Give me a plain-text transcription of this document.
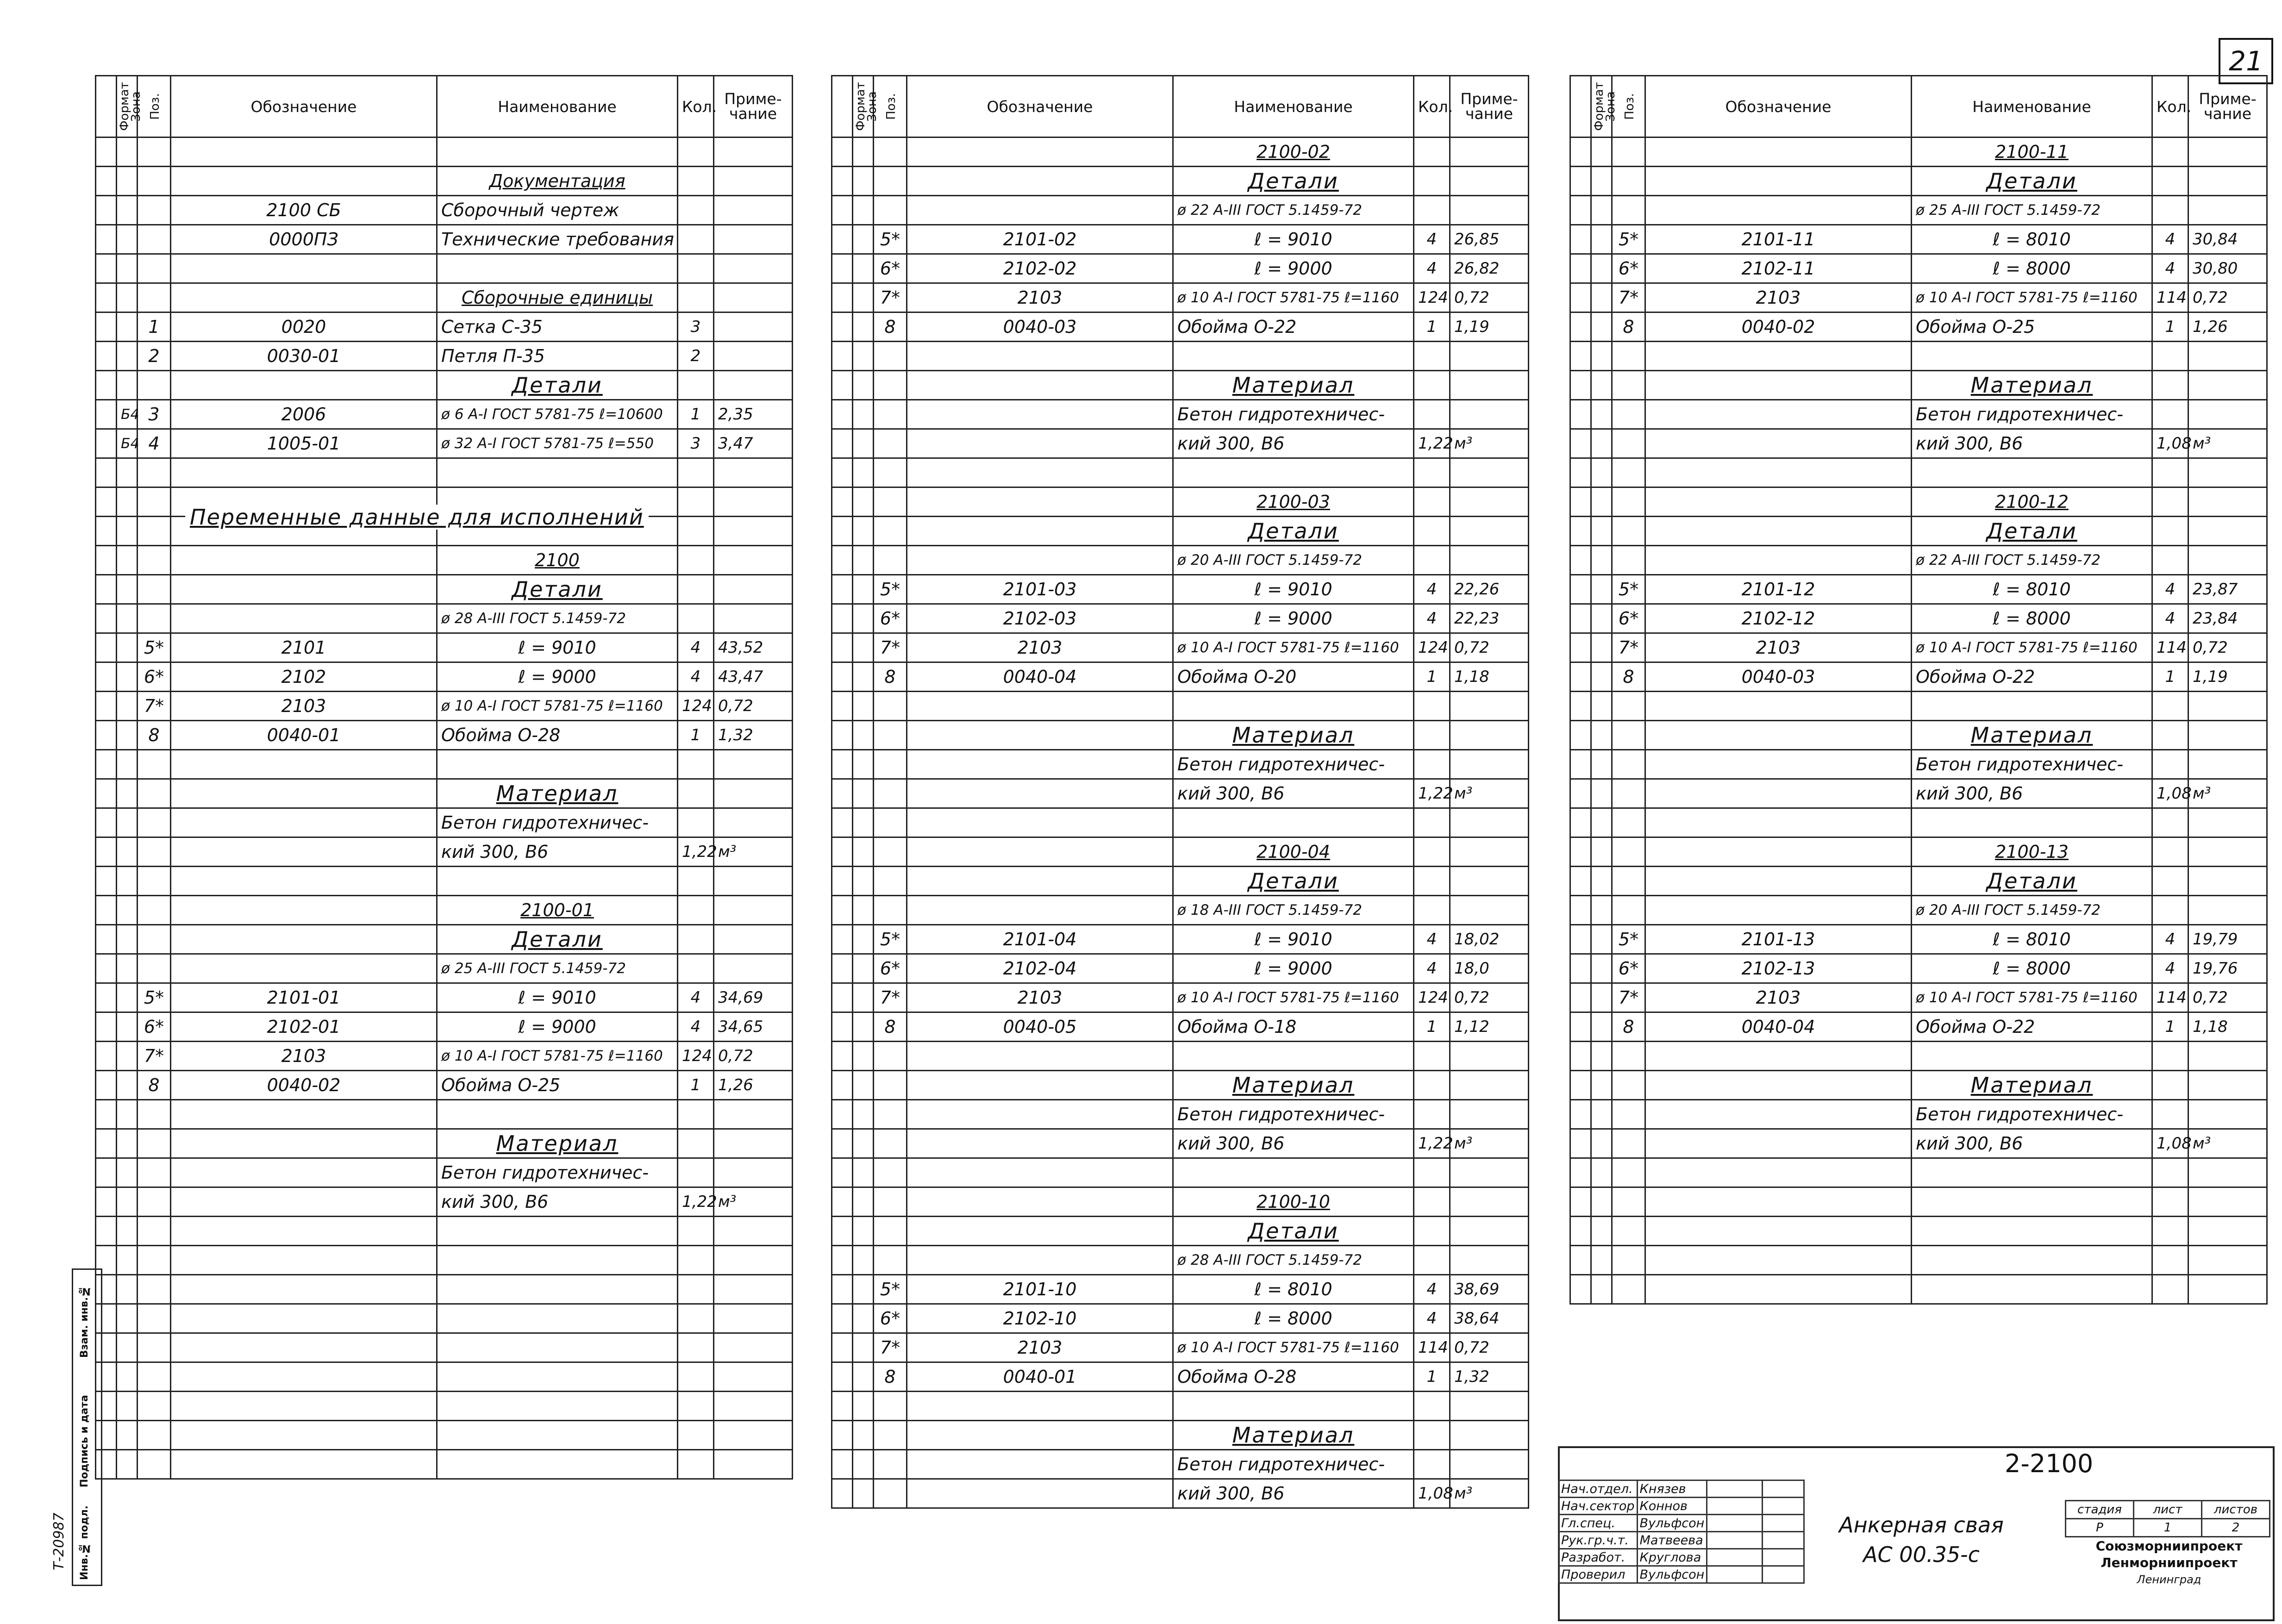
21
Формат	Зона	Поз.	Обозначение	Наименование	Кол.	Приме-
чание

				Документация		
			2100 СБ	Сборочный чертеж		
			0000ПЗ	Технические требования		

				Сборочные единицы		
		1	0020	Сетка С-35	3	
		2	0030-01	Петля П-35	2	
				Детали		
	Б4	3	2006	ø 6 А-I ГОСТ 5781-75 ℓ=10600	1	2,35
	Б4	4	1005-01	ø 32 А-I ГОСТ 5781-75 ℓ=550	3	3,47

				2100		
				Детали		
				ø 28 А-III ГОСТ 5.1459-72		
		5*	2101	ℓ = 9010	4	43,52
		6*	2102	ℓ = 9000	4	43,47
		7*	2103	ø 10 А-I ГОСТ 5781-75 ℓ=1160	124	0,72
		8	0040-01	Обойма О-28	1	1,32

				Материал		
				Бетон гидротехничес-		
				кий 300, В6	1,22	м³

				2100-01		
				Детали		
				ø 25 А-III ГОСТ 5.1459-72		
		5*	2101-01	ℓ = 9010	4	34,69
		6*	2102-01	ℓ = 9000	4	34,65
		7*	2103	ø 10 А-I ГОСТ 5781-75 ℓ=1160	124	0,72
		8	0040-02	Обойма О-25	1	1,26

				Материал		
				Бетон гидротехничес-		
				кий 300, В6	1,22	м³

Формат	Зона	Поз.	Обозначение	Наименование	Кол.	Приме-
чание
				2100-02		
				Детали		
				ø 22 А-III ГОСТ 5.1459-72		
		5*	2101-02	ℓ = 9010	4	26,85
		6*	2102-02	ℓ = 9000	4	26,82
		7*	2103	ø 10 А-I ГОСТ 5781-75 ℓ=1160	124	0,72
		8	0040-03	Обойма О-22	1	1,19

				Материал		
				Бетон гидротехничес-		
				кий 300, В6	1,22	м³

				2100-03		
				Детали		
				ø 20 А-III ГОСТ 5.1459-72		
		5*	2101-03	ℓ = 9010	4	22,26
		6*	2102-03	ℓ = 9000	4	22,23
		7*	2103	ø 10 А-I ГОСТ 5781-75 ℓ=1160	124	0,72
		8	0040-04	Обойма О-20	1	1,18

				Материал		
				Бетон гидротехничес-		
				кий 300, В6	1,22	м³

				2100-04		
				Детали		
				ø 18 А-III ГОСТ 5.1459-72		
		5*	2101-04	ℓ = 9010	4	18,02
		6*	2102-04	ℓ = 9000	4	18,0
		7*	2103	ø 10 А-I ГОСТ 5781-75 ℓ=1160	124	0,72
		8	0040-05	Обойма О-18	1	1,12

				Материал		
				Бетон гидротехничес-		
				кий 300, В6	1,22	м³

				2100-10		
				Детали		
				ø 28 А-III ГОСТ 5.1459-72		
		5*	2101-10	ℓ = 8010	4	38,69
		6*	2102-10	ℓ = 8000	4	38,64
		7*	2103	ø 10 А-I ГОСТ 5781-75 ℓ=1160	114	0,72
		8	0040-01	Обойма О-28	1	1,32

				Материал		
				Бетон гидротехничес-		
				кий 300, В6	1,08	м³
Формат	Зона	Поз.	Обозначение	Наименование	Кол.	Приме-
чание
				2100-11		
				Детали		
				ø 25 А-III ГОСТ 5.1459-72		
		5*	2101-11	ℓ = 8010	4	30,84
		6*	2102-11	ℓ = 8000	4	30,80
		7*	2103	ø 10 А-I ГОСТ 5781-75 ℓ=1160	114	0,72
		8	0040-02	Обойма О-25	1	1,26

				Материал		
				Бетон гидротехничес-		
				кий 300, В6	1,08	м³

				2100-12		
				Детали		
				ø 22 А-III ГОСТ 5.1459-72		
		5*	2101-12	ℓ = 8010	4	23,87
		6*	2102-12	ℓ = 8000	4	23,84
		7*	2103	ø 10 А-I ГОСТ 5781-75 ℓ=1160	114	0,72
		8	0040-03	Обойма О-22	1	1,19

				Материал		
				Бетон гидротехничес-		
				кий 300, В6	1,08	м³

				2100-13		
				Детали		
				ø 20 А-III ГОСТ 5.1459-72		
		5*	2101-13	ℓ = 8010	4	19,79
		6*	2102-13	ℓ = 8000	4	19,76
		7*	2103	ø 10 А-I ГОСТ 5781-75 ℓ=1160	114	0,72
		8	0040-04	Обойма О-22	1	1,18

				Материал		
				Бетон гидротехничес-		
				кий 300, В6	1,08	м³

Переменные данные для исполнений
2-2100
Нач.отдел.	Князев		
Нач.сектор	Коннов		
Гл.спец.	Вульфсон		
Рук.гр.ч.т.	Матвеева		
Разработ.	Круглова		
Проверил	Вульфсон		
Анкерная свая
АС 00.35-с
стадия	лист	листов
Р	1	2
Союзморниипроект
Ленморниипроект
Ленинград
Взам. инв.№
Подпись и дата
Инв.№ подл.
Т-20987
